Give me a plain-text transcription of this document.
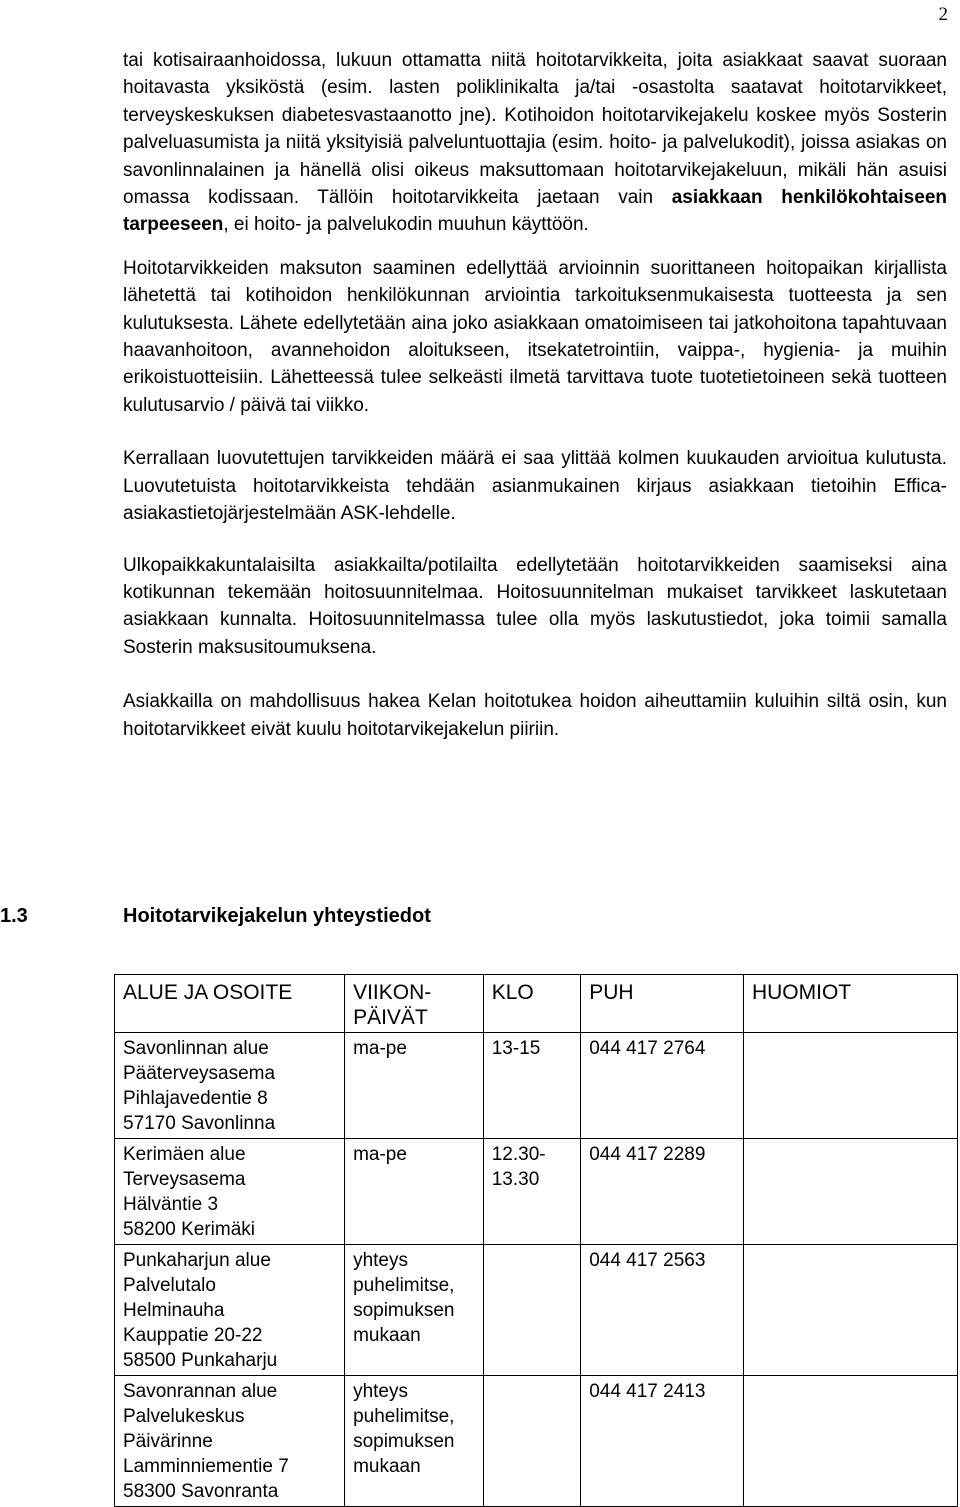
2

tai kotisairaanhoidossa, lukuun ottamatta niitä hoitotarvikkeita, joita asiakkaat saavat suoraan hoitavasta yksiköstä (esim. lasten poliklinikalta ja/tai -osastolta saatavat hoitotarvikkeet, terveyskeskuksen diabetesvastaanotto jne). Kotihoidon hoitotarvikejakelu koskee myös Sosterin palveluasumista ja niitä yksityisiä palveluntuottajia (esim. hoito- ja palvelukodit), joissa asiakas on savonlinnalainen ja hänellä olisi oikeus maksuttomaan hoitotarvikejakeluun, mikäli hän asuisi omassa kodissaan. Tällöin hoitotarvikkeita jaetaan vain asiakkaan henkilökohtaiseen tarpeeseen, ei hoito- ja palvelukodin muuhun käyttöön.

Hoitotarvikkeiden maksuton saaminen edellyttää arvioinnin suorittaneen hoitopaikan kirjallista lähetettä tai kotihoidon henkilökunnan arviointia tarkoituksenmukaisesta tuotteesta ja sen kulutuksesta. Lähete edellytetään aina joko asiakkaan omatoimiseen tai jatkohoitona tapahtuvaan haavanhoitoon, avannehoidon aloitukseen, itsekatetrointiin, vaippa-, hygienia- ja muihin erikoistuotteisiin. Lähetteessä tulee selkeästi ilmetä tarvittava tuote tuotetietoineen sekä tuotteen kulutusarvio / päivä tai viikko.

Kerrallaan luovutettujen tarvikkeiden määrä ei saa ylittää kolmen kuukauden arvioitua kulutusta. Luovutetuista hoitotarvikkeista tehdään asianmukainen kirjaus asiakkaan tietoihin Effica-asiakastietojärjestelmään ASK-lehdelle.

Ulkopaikkakuntalaisilta asiakkailta/potilailta edellytetään hoitotarvikkeiden saamiseksi aina kotikunnan tekemään hoitosuunnitelmaa. Hoitosuunnitelman mukaiset tarvikkeet laskutetaan asiakkaan kunnalta. Hoitosuunnitelmassa tulee olla myös laskutustiedot, joka toimii samalla Sosterin maksusitoumuksena.

Asiakkailla on mahdollisuus hakea Kelan hoitotukea hoidon aiheuttamiin kuluihin siltä osin, kun hoitotarvikkeet eivät kuulu hoitotarvikejakelun piiriin.

1.3	Hoitotarvikejakelun yhteystiedot
ALUE JA OSOITE	VIIKON-
PÄIVÄT	KLO	PUH	HUOMIOT

Savonlinnan alue
Pääterveysasema
Pihlajavedentie 8
57170 Savonlinna	ma-pe	13-15	044 417 2764	

Kerimäen alue
Terveysasema
Hälväntie 3
58200 Kerimäki	ma-pe	12.30-
13.30	044 417 2289	

Punkaharjun alue
Palvelutalo
Helminauha
Kauppatie 20-22
58500 Punkaharju	yhteys puhelimitse,
sopimuksen mukaan		044 417 2563	

Savonrannan alue
Palvelukeskus
Päivärinne
Lamminniementie 7
58300 Savonranta	yhteys puhelimitse,
sopimuksen mukaan		044 417 2413	
